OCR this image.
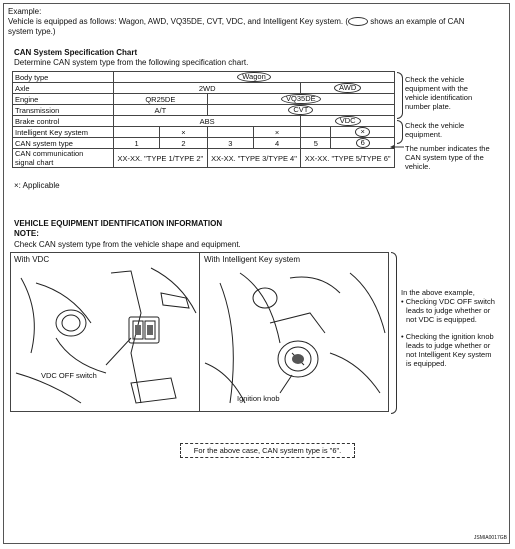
Example:
Vehicle is equipped as follows: Wagon, AWD, VQ35DE, CVT, VDC, and Intelligent Key system. (	shows an example of CAN
system type.)
CAN System Specification Chart
Determine CAN system type from the following specification chart.
Body type	Wagon					
Axle	2WD				AWD	
Engine	QR25DE		VQ35DE			
Transmission	A/T		CVT			
Brake control	ABS				VDC	
Intelligent Key system		×		×		×
CAN system type	1	2	3	4	5	6
CAN communication
signal chart	XX-XX. "TYPE 1/TYPE 2"		XX-XX. "TYPE 3/TYPE 4"		XX-XX. "TYPE 5/TYPE 6"	
×: Applicable
Check the vehicle
equipment with the
vehicle identification
number plate.
Check the vehicle
equipment.
The number indicates the
CAN system type of the
vehicle.
VEHICLE EQUIPMENT IDENTIFICATION INFORMATION
NOTE:
Check CAN system type from the vehicle shape and equipment.
With VDC
VDC OFF switch
With Intelligent Key system
Ignition knob
In the above example,
• Checking VDC OFF switch
leads to judge whether or
not VDC is equipped.
• Checking the ignition knob
leads to judge whether or
not Intelligent Key system
is equipped.
For the above case, CAN system type is "6".
JSMIA0017GB
